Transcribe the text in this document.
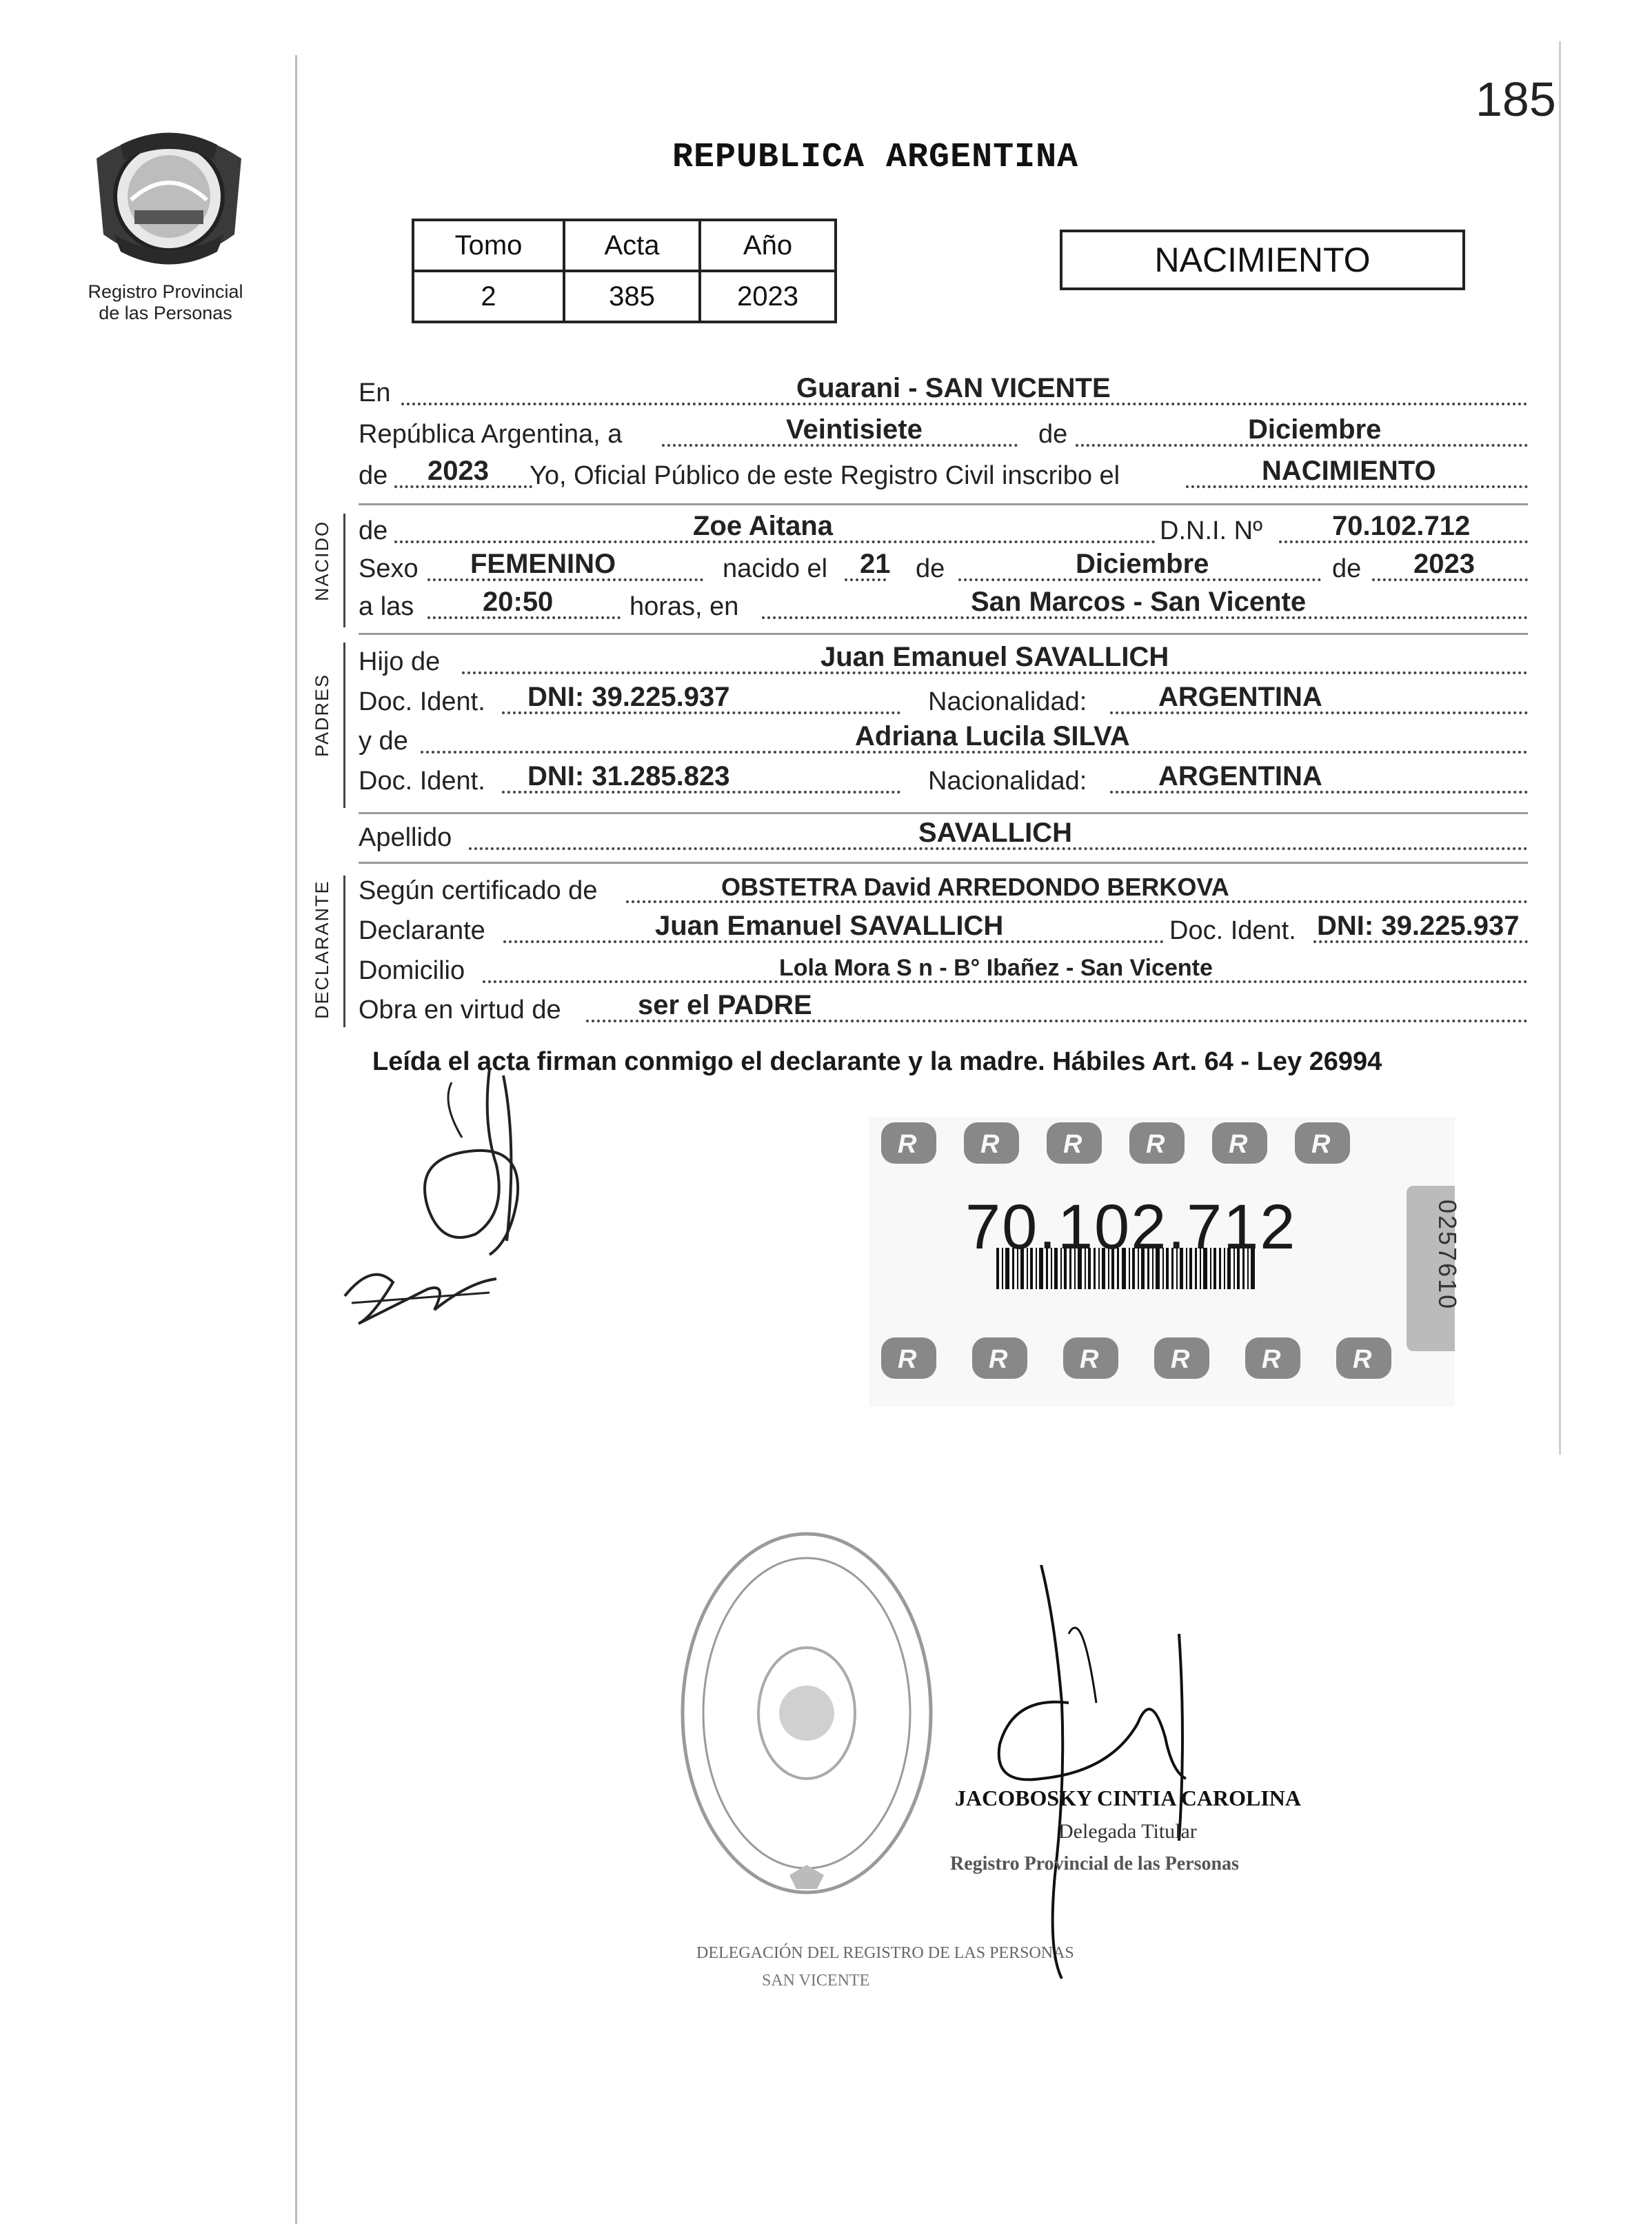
185
Registro Provincial
de las Personas
REPUBLICA ARGENTINA
Tomo	Acta	Año
2	385	2023
NACIMIENTO
En	Guarani - SAN VICENTE
República Argentina, a	Veintisiete	de	Diciembre
de 2023 Yo, Oficial Público de este Registro Civil inscribo el	NACIMIENTO
NACIDO de	Zoe Aitana	D.N.I. Nº	70.102.712
Sexo FEMENINO	nacido el 21 de	Diciembre	de 2023
a las 20:50	horas, en	San Marcos - San Vicente
PADRES
Hijo de	Juan Emanuel SAVALLICH
Doc. Ident. DNI: 39.225.937	Nacionalidad:	ARGENTINA
y de	Adriana Lucila SILVA
Doc. Ident. DNI: 31.285.823	Nacionalidad:	ARGENTINA
Apellido	SAVALLICH
DECLARANTE Según certificado de	OBSTETRA David ARREDONDO BERKOVA
Declarante	Juan Emanuel SAVALLICH	Doc. Ident. DNI: 39.225.937
Domicilio	Lola Mora S n - B° Ibañez - San Vicente
Obra en virtud de	ser el PADRE
Leída el acta firman conmigo el declarante y la madre. Hábiles Art. 64 - Ley 26994
R R R R R R
R	R	R	R	R	R
70.102.712	0257610
DELEGACIÓN DEL REGISTRO DE LAS PERSONAS
SAN VICENTE
JACOBOSKY CINTIA CAROLINA
Delegada Titular
Registro Provincial de las Personas
